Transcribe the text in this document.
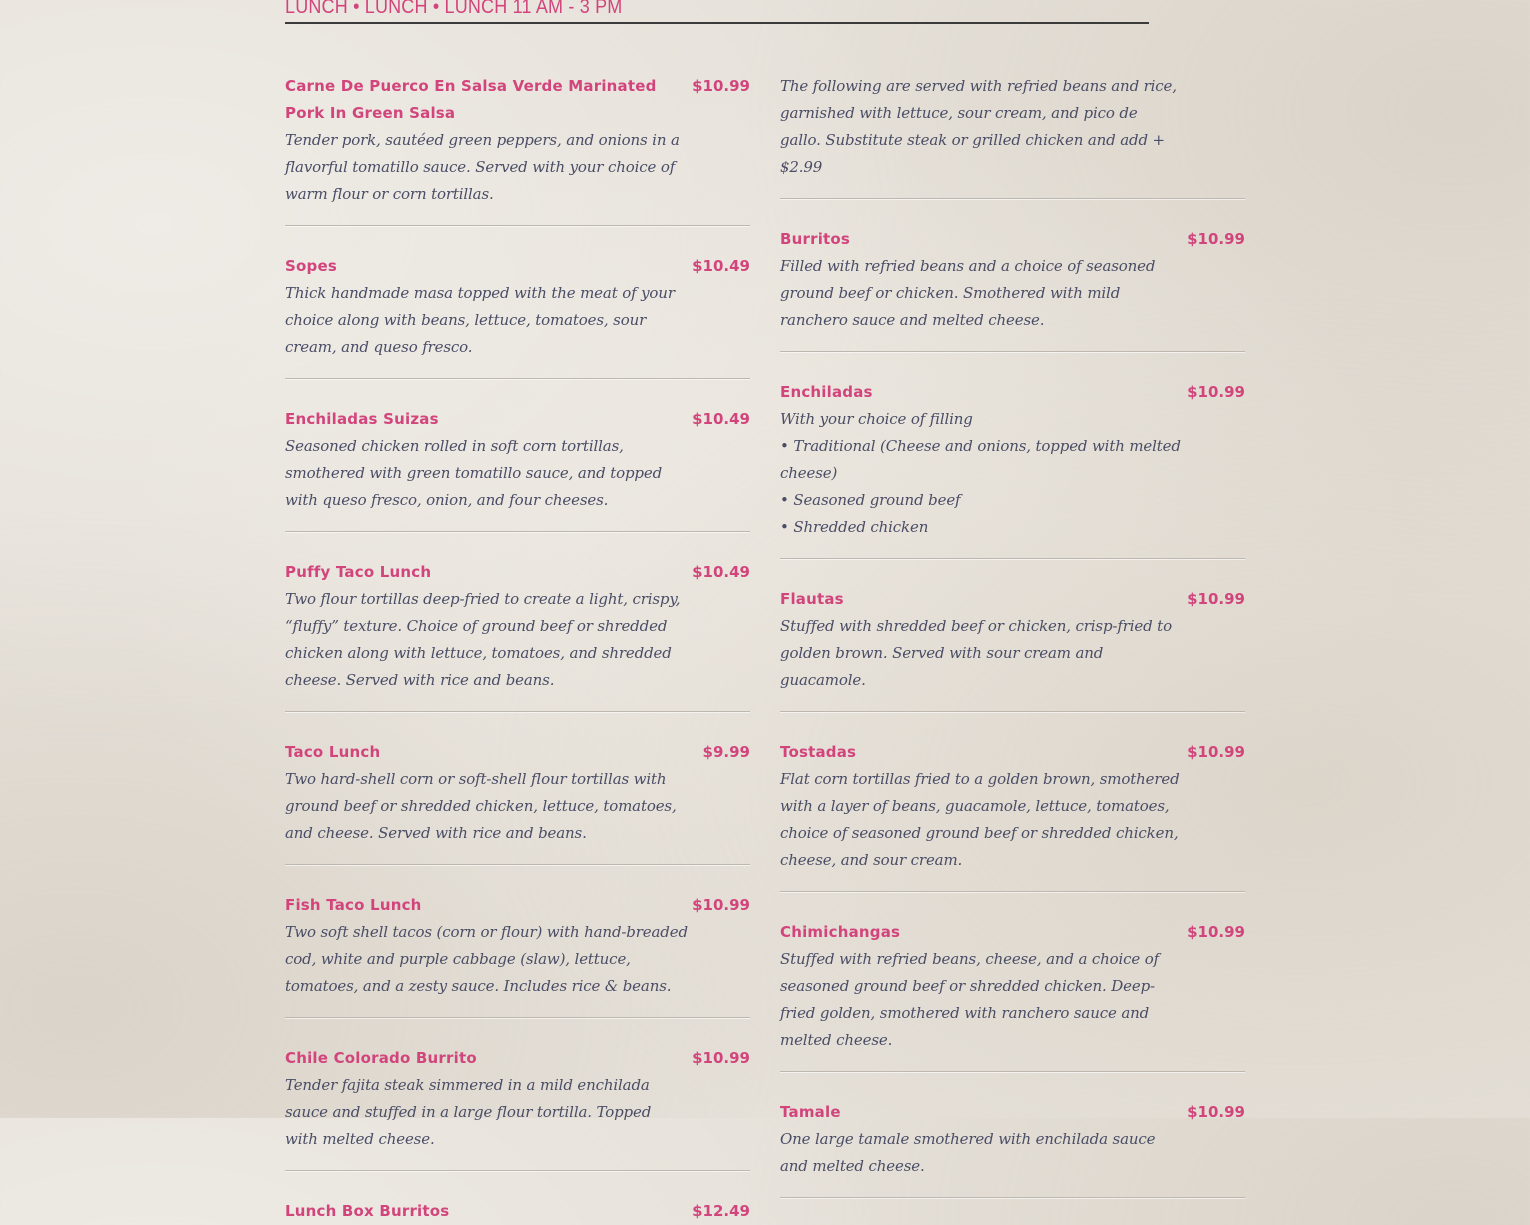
LUNCH • LUNCH • LUNCH 11 AM - 3 PM
Carne De Puerco En Salsa Verde Marinated
Pork In Green Salsa
$10.99
Tender pork, sautéed green peppers, and onions in a
flavorful tomatillo sauce. Served with your choice of
warm flour or corn tortillas.
Sopes	$10.49
Thick handmade masa topped with the meat of your
choice along with beans, lettuce, tomatoes, sour
cream, and queso fresco.
Enchiladas Suizas	$10.49
Seasoned chicken rolled in soft corn tortillas,
smothered with green tomatillo sauce, and topped
with queso fresco, onion, and four cheeses.
Puffy Taco Lunch	$10.49
Two flour tortillas deep-fried to create a light, crispy,
“fluffy” texture. Choice of ground beef or shredded
chicken along with lettuce, tomatoes, and shredded
cheese. Served with rice and beans.
Taco Lunch	$9.99
Two hard-shell corn or soft-shell flour tortillas with
ground beef or shredded chicken, lettuce, tomatoes,
and cheese. Served with rice and beans.
Fish Taco Lunch	$10.99
Two soft shell tacos (corn or flour) with hand-breaded
cod, white and purple cabbage (slaw), lettuce,
tomatoes, and a zesty sauce. Includes rice & beans.
Chile Colorado Burrito	$10.99
Tender fajita steak simmered in a mild enchilada
sauce and stuffed in a large flour tortilla. Topped
with melted cheese.
Lunch Box Burritos	$12.49
The following are served with refried beans and rice,
garnished with lettuce, sour cream, and pico de
gallo. Substitute steak or grilled chicken and add +
$2.99
Burritos	$10.99
Filled with refried beans and a choice of seasoned
ground beef or chicken. Smothered with mild
ranchero sauce and melted cheese.
Enchiladas	$10.99
With your choice of filling
• Traditional (Cheese and onions, topped with melted
cheese)
• Seasoned ground beef
• Shredded chicken
Flautas	$10.99
Stuffed with shredded beef or chicken, crisp-fried to
golden brown. Served with sour cream and
guacamole.
Tostadas	$10.99
Flat corn tortillas fried to a golden brown, smothered
with a layer of beans, guacamole, lettuce, tomatoes,
choice of seasoned ground beef or shredded chicken,
cheese, and sour cream.
Chimichangas	$10.99
Stuffed with refried beans, cheese, and a choice of
seasoned ground beef or shredded chicken. Deep-
fried golden, smothered with ranchero sauce and
melted cheese.
Tamale	$10.99
One large tamale smothered with enchilada sauce
and melted cheese.
